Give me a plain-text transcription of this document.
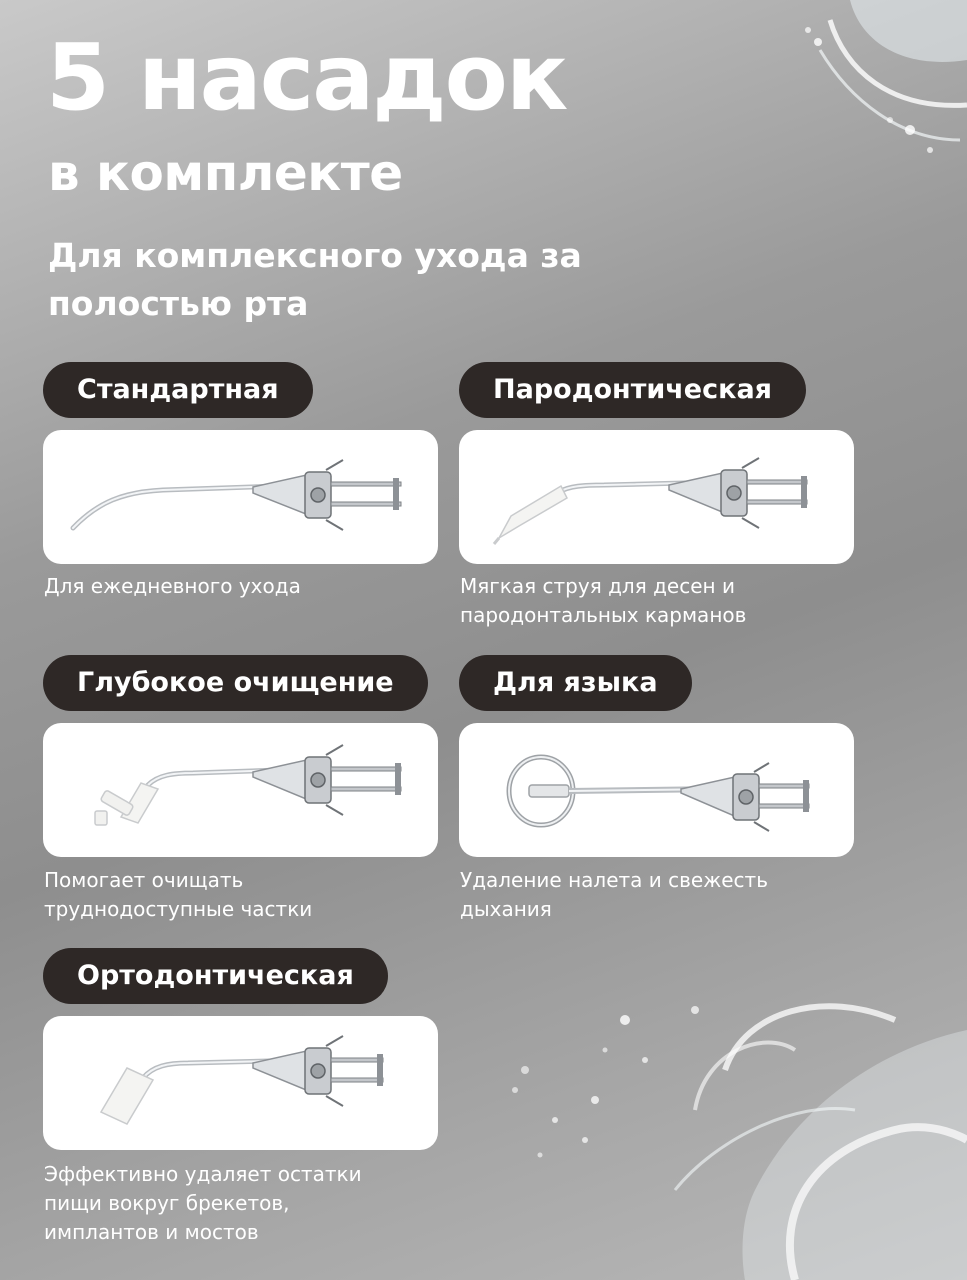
5 насадок
в комплекте

Для комплексного ухода за полостью рта

Стандартная

Для ежедневного ухода

Пародонтическая

Мягкая струя для десен и пародонтальных карманов

Глубокое очищение

Помогает очищать труднодоступные частки

Для языка

Удаление налета и свежесть дыхания

Ортодонтическая

Эффективно удаляет остатки пищи вокруг брекетов, имплантов и мостов
